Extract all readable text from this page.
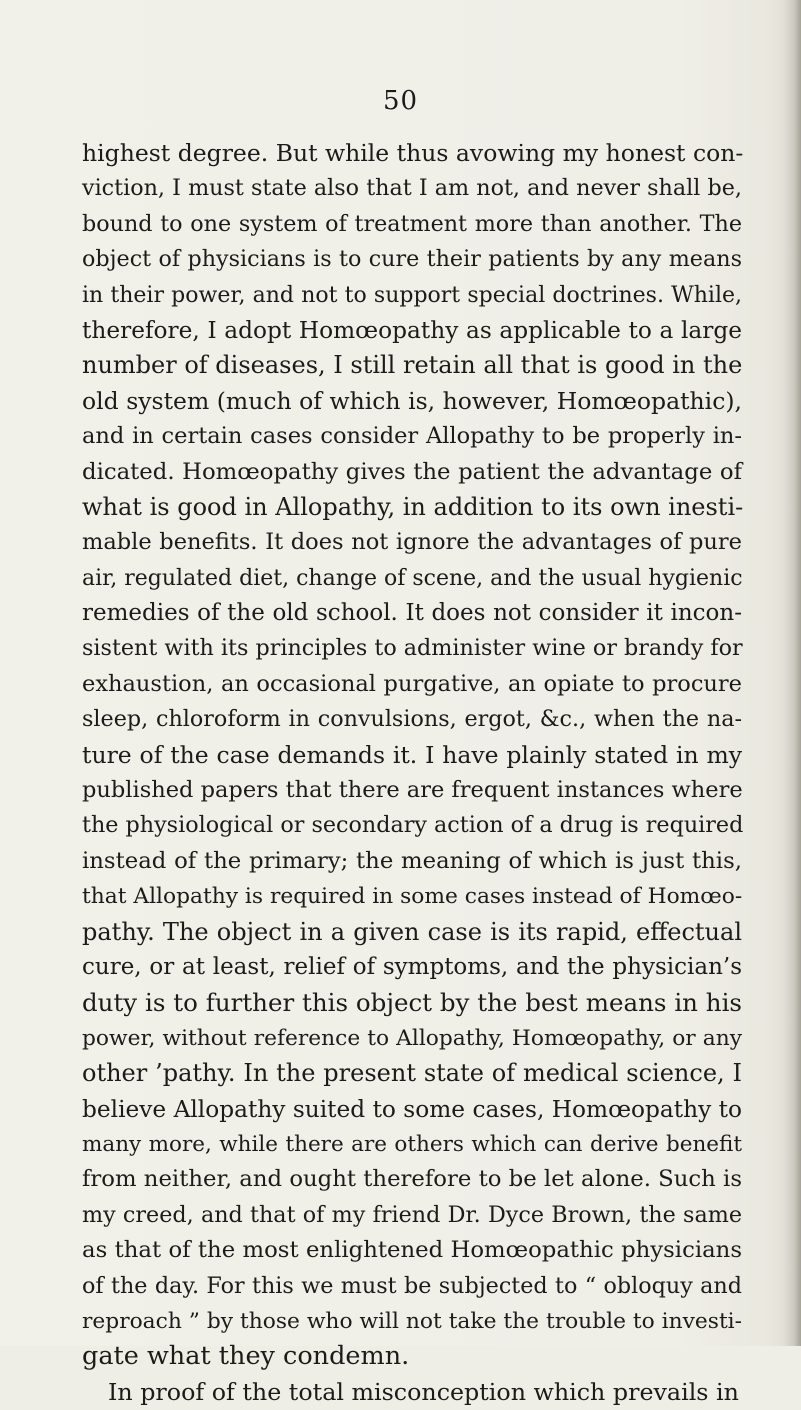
50
highest degree. But while thus avowing my honest con-
viction, I must state also that I am not, and never shall be,
bound to one system of treatment more than another. The
object of physicians is to cure their patients by any means
in their power, and not to support special doctrines. While,
therefore, I adopt Homœopathy as applicable to a large
number of diseases, I still retain all that is good in the
old system (much of which is, however, Homœopathic),
and in certain cases consider Allopathy to be properly in-
dicated. Homœopathy gives the patient the advantage of
what is good in Allopathy, in addition to its own inesti-
mable benefits. It does not ignore the advantages of pure
air, regulated diet, change of scene, and the usual hygienic
remedies of the old school. It does not consider it incon-
sistent with its principles to administer wine or brandy for
exhaustion, an occasional purgative, an opiate to procure
sleep, chloroform in convulsions, ergot, &c., when the na-
ture of the case demands it. I have plainly stated in my
published papers that there are frequent instances where
the physiological or secondary action of a drug is required
instead of the primary; the meaning of which is just this,
that Allopathy is required in some cases instead of Homœo-
pathy. The object in a given case is its rapid, effectual
cure, or at least, relief of symptoms, and the physician’s
duty is to further this object by the best means in his
power, without reference to Allopathy, Homœopathy, or any
other ’pathy. In the present state of medical science, I
believe Allopathy suited to some cases, Homœopathy to
many more, while there are others which can derive benefit
from neither, and ought therefore to be let alone. Such is
my creed, and that of my friend Dr. Dyce Brown, the same
as that of the most enlightened Homœopathic physicians
of the day. For this we must be subjected to “ obloquy and
reproach ” by those who will not take the trouble to investi-
gate what they condemn.
In proof of the total misconception which prevails in
